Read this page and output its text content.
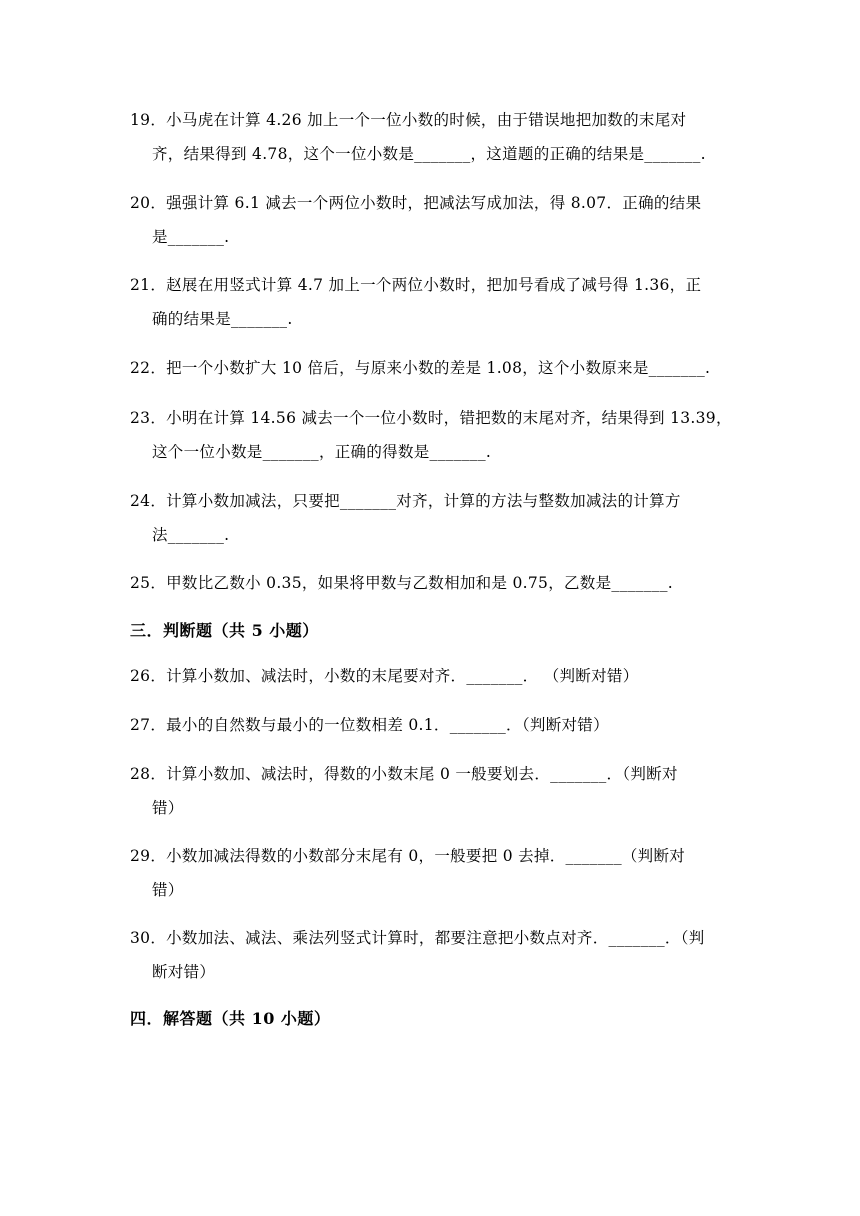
19．小马虎在计算 4.26 加上一个一位小数的时候，由于错误地把加数的末尾对
齐，结果得到 4.78，这个一位小数是_______，这道题的正确的结果是_______.
20．强强计算 6.1 减去一个两位小数时，把减法写成加法，得 8.07．正确的结果
是_______.
21．赵展在用竖式计算 4.7 加上一个两位小数时，把加号看成了减号得 1.36，正
确的结果是_______.
22．把一个小数扩大 10 倍后，与原来小数的差是 1.08，这个小数原来是_______.
23．小明在计算 14.56 减去一个一位小数时，错把数的末尾对齐，结果得到 13.39，
这个一位小数是_______，正确的得数是_______.
24．计算小数加减法，只要把_______对齐，计算的方法与整数加减法的计算方
法_______.
25．甲数比乙数小 0.35，如果将甲数与乙数相加和是 0.75，乙数是_______.
三．判断题（共 5 小题）
26．计算小数加、减法时，小数的末尾要对齐．_______． （判断对错）
27．最小的自然数与最小的一位数相差 0.1．_______．（判断对错）
28．计算小数加、减法时，得数的小数末尾 0 一般要划去．_______．（判断对
错）
29．小数加减法得数的小数部分末尾有 0，一般要把 0 去掉．_______（判断对
错）
30．小数加法、减法、乘法列竖式计算时，都要注意把小数点对齐．_______．（判
断对错）
四．解答题（共 10 小题）
